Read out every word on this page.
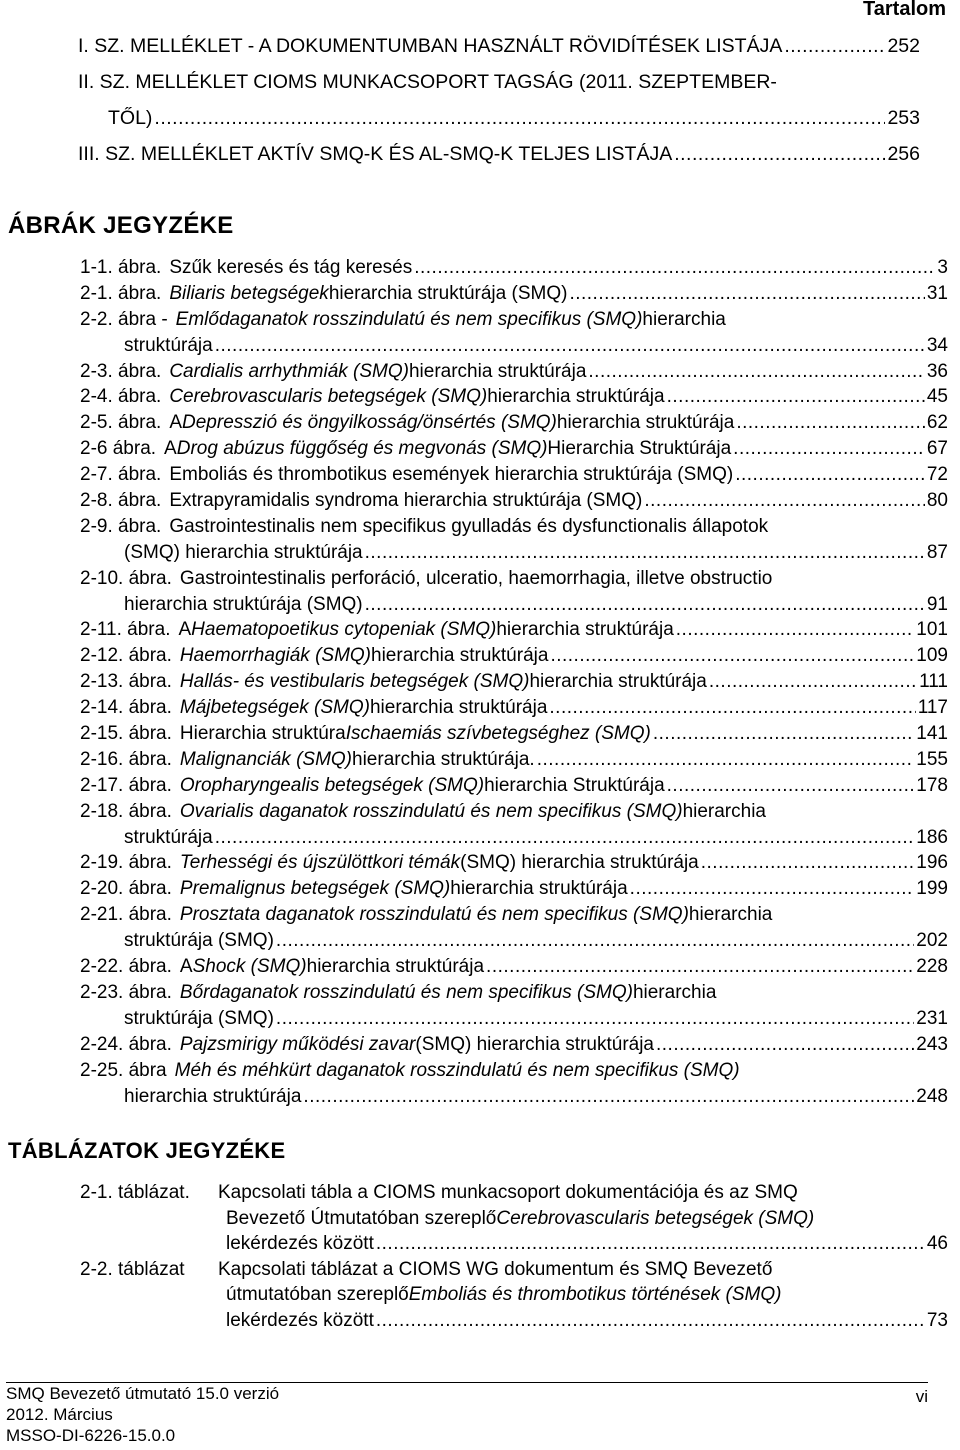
Tartalom
I. SZ. MELLÉKLET - A DOKUMENTUMBAN HASZNÁLT RÖVIDÍTÉSEK LISTÁJA .....	252
II. SZ. MELLÉKLET CIOMS MUNKACSOPORT TAGSÁG (2011. SZEPTEMBER-
TŐL) .....	253
III. SZ. MELLÉKLET AKTÍV SMQ-K ÉS AL-SMQ-K TELJES LISTÁJA .....	256
ÁBRÁK JEGYZÉKE
1-1. ábra. Szűk keresés és tág keresés .....	3
2-1. ábra. Biliaris betegségek hierarchia struktúrája (SMQ) .....	31
2-2. ábra - Emlődaganatok rosszindulatú és nem specifikus (SMQ) hierarchia
struktúrája .....	34
2-3. ábra. Cardialis arrhythmiák (SMQ) hierarchia struktúrája .....	36
2-4. ábra. Cerebrovascularis betegségek (SMQ) hierarchia struktúrája .....	45
2-5. ábra. A Depresszió és öngyilkosság/önsértés (SMQ) hierarchia struktúrája .....	62
2-6 ábra. A Drog abúzus függőség és megvonás (SMQ) Hierarchia Struktúrája .....	67
2-7. ábra. Emboliás és thrombotikus események hierarchia struktúrája (SMQ) .....	72
2-8. ábra. Extrapyramidalis syndroma hierarchia struktúrája (SMQ) .....	80
2-9. ábra. Gastrointestinalis nem specifikus gyulladás és dysfunctionalis állapotok
(SMQ) hierarchia struktúrája .....	87
2-10. ábra. Gastrointestinalis perforáció, ulceratio, haemorrhagia, illetve obstructio
hierarchia struktúrája (SMQ) .....	91
2-11. ábra. A Haematopoetikus cytopeniak (SMQ) hierarchia struktúrája .....	101
2-12. ábra. Haemorrhagiák (SMQ) hierarchia struktúrája .....	109
2-13. ábra. Hallás- és vestibularis betegségek (SMQ) hierarchia struktúrája .....	111
2-14. ábra. Májbetegségek (SMQ) hierarchia struktúrája .....	117
2-15. ábra. Hierarchia struktúra Ischaemiás szívbetegséghez (SMQ) .....	141
2-16. ábra. Malignanciák (SMQ) hierarchia struktúrája. .....	155
2-17. ábra. Oropharyngealis betegségek (SMQ) hierarchia Struktúrája .....	178
2-18. ábra. Ovarialis daganatok rosszindulatú és nem specifikus (SMQ) hierarchia
struktúrája .....	186
2-19. ábra. Terhességi és újszülöttkori témák (SMQ) hierarchia struktúrája .....	196
2-20. ábra. Premalignus betegségek (SMQ) hierarchia struktúrája .....	199
2-21. ábra. Prosztata daganatok rosszindulatú és nem specifikus (SMQ) hierarchia
struktúrája (SMQ) .....	202
2-22. ábra. A Shock (SMQ) hierarchia struktúrája .....	228
2-23. ábra. Bőrdaganatok rosszindulatú és nem specifikus (SMQ) hierarchia
struktúrája (SMQ) .....	231
2-24. ábra. Pajzsmirigy működési zavar (SMQ) hierarchia struktúrája .....	243
2-25. ábra Méh és méhkürt daganatok rosszindulatú és nem specifikus (SMQ)
hierarchia struktúrája .....	248
TÁBLÁZATOK JEGYZÉKE
2-1. táblázat.	Kapcsolati tábla a CIOMS munkacsoport dokumentációja és az SMQ
Bevezető Útmutatóban szereplő Cerebrovascularis betegségek (SMQ)
lekérdezés között .....	46
2-2. táblázat	Kapcsolati táblázat a CIOMS WG dokumentum és SMQ Bevezető
útmutatóban szereplő Emboliás és thrombotikus történések (SMQ)
lekérdezés között .....	73
SMQ Bevezető útmutató 15.0 verzió
2012. Március
MSSO-DI-6226-15.0.0
vi
